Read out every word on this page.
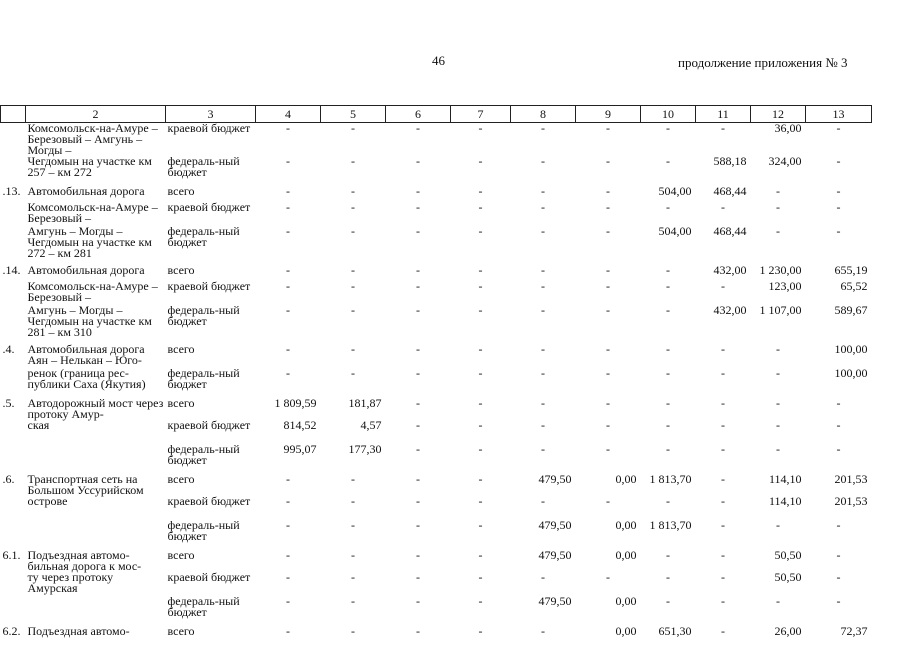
46	продолжение приложения № 3
	2	3	4	5	6	7	8	9	10	11	12	13
	Комсомольск-на-Амуре – Березовый – Амгунь – Могды –	краевой бюджет	-	-	-	-	-	-	-	-	36,00	-
	Чегдомын на участке км 257 – км 272	федераль-ный бюджет	-	-	-	-	-	-	-	588,18	324,00	-

.13.	Автомобильная дорога	всего	-	-	-	-	-	-	504,00	468,44	-	-
	Комсомольск-на-Амуре – Березовый –	краевой бюджет	-	-	-	-	-	-	-	-	-	-
	Амгунь – Могды – Чегдомын на участке км 272 – км 281	федераль-ный бюджет	-	-	-	-	-	-	504,00	468,44	-	-

.14.	Автомобильная дорога	всего	-	-	-	-	-	-	-	432,00	1 230,00	655,19
	Комсомольск-на-Амуре – Березовый –	краевой бюджет	-	-	-	-	-	-	-	-	123,00	65,52
	Амгунь – Могды – Чегдомын на участке км 281 – км 310	федераль-ный бюджет	-	-	-	-	-	-	-	432,00	1 107,00	589,67

.4.	Автомобильная дорога Аян – Нелькан – Юго-	всего	-	-	-	-	-	-	-	-	-	100,00
	ренок (граница рес-публики Саха (Якутия)	федераль-ный бюджет	-	-	-	-	-	-	-	-	-	100,00

.5.	Автодорожный мост через протоку Амур-	всего	1 809,59	181,87	-	-	-	-	-	-	-	-
	ская	краевой бюджет	814,52	4,57	-	-	-	-	-	-	-	-
		федераль-ный бюджет	995,07	177,30	-	-	-	-	-	-	-	-

.6.	Транспортная сеть на Большом Уссурийском	всего	-	-	-	-	479,50	0,00	1 813,70	-	114,10	201,53
	острове	краевой бюджет	-	-	-	-	-	-	-	-	114,10	201,53
		федераль-ный бюджет	-	-	-	-	479,50	0,00	1 813,70	-	-	-

6.1.	Подъездная автомо-бильная дорога к мос-	всего	-	-	-	-	479,50	0,00	-	-	50,50	-
	ту через протоку Амурская	краевой бюджет	-	-	-	-	-	-	-	-	50,50	-
		федераль-ный бюджет	-	-	-	-	479,50	0,00	-	-	-	-

6.2.	Подъездная автомо-	всего	-	-	-	-	-	0,00	651,30	-	26,00	72,37
